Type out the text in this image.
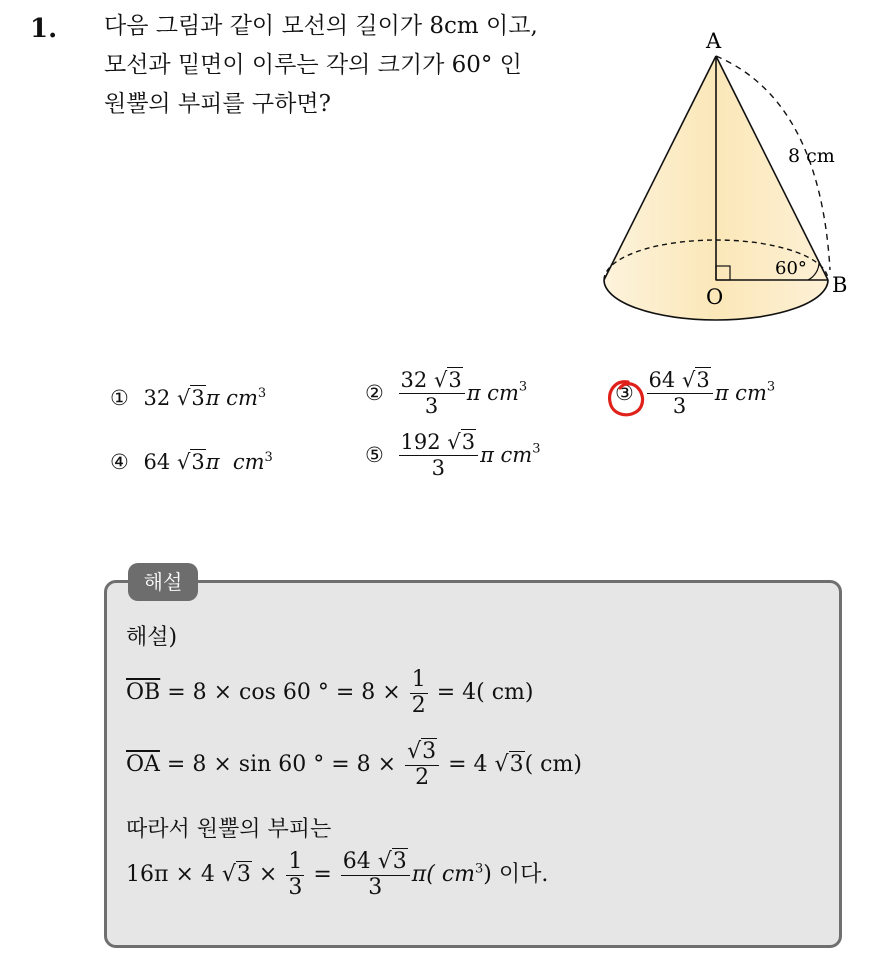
1. 다음 그림과 같이 모선의 길이가 8cm 이고,
모선과 밑면이 이루는 각의 크기가 60° 인
원뿔의 부피를 구하면?
A
O	B
8 cm
60°
① 32 √3π $cm^3$	② $\frac{32 √3}{3}$ π $cm^3$	③ $\frac{64 √3}{3}$ π $cm^3$
④ 64 √3π  $cm^3$	⑤ $\frac{192 √3}{3}$ π $cm^3$
해설
해설)
$\overline{OB} = 8 \times \cos 60$ ° = $8 \times \frac{1}{2} = 4$( cm)
$\overline{OA} = 8 \times \sin 60$ ° = $8 \times \frac{√3}{2} = 4$ √3( cm)
따라서 원뿔의 부피는
16π × 4 $√3 \times \frac{1}{3} = \frac{64 √3}{3} \pi$( $cm^3$) 이다.
